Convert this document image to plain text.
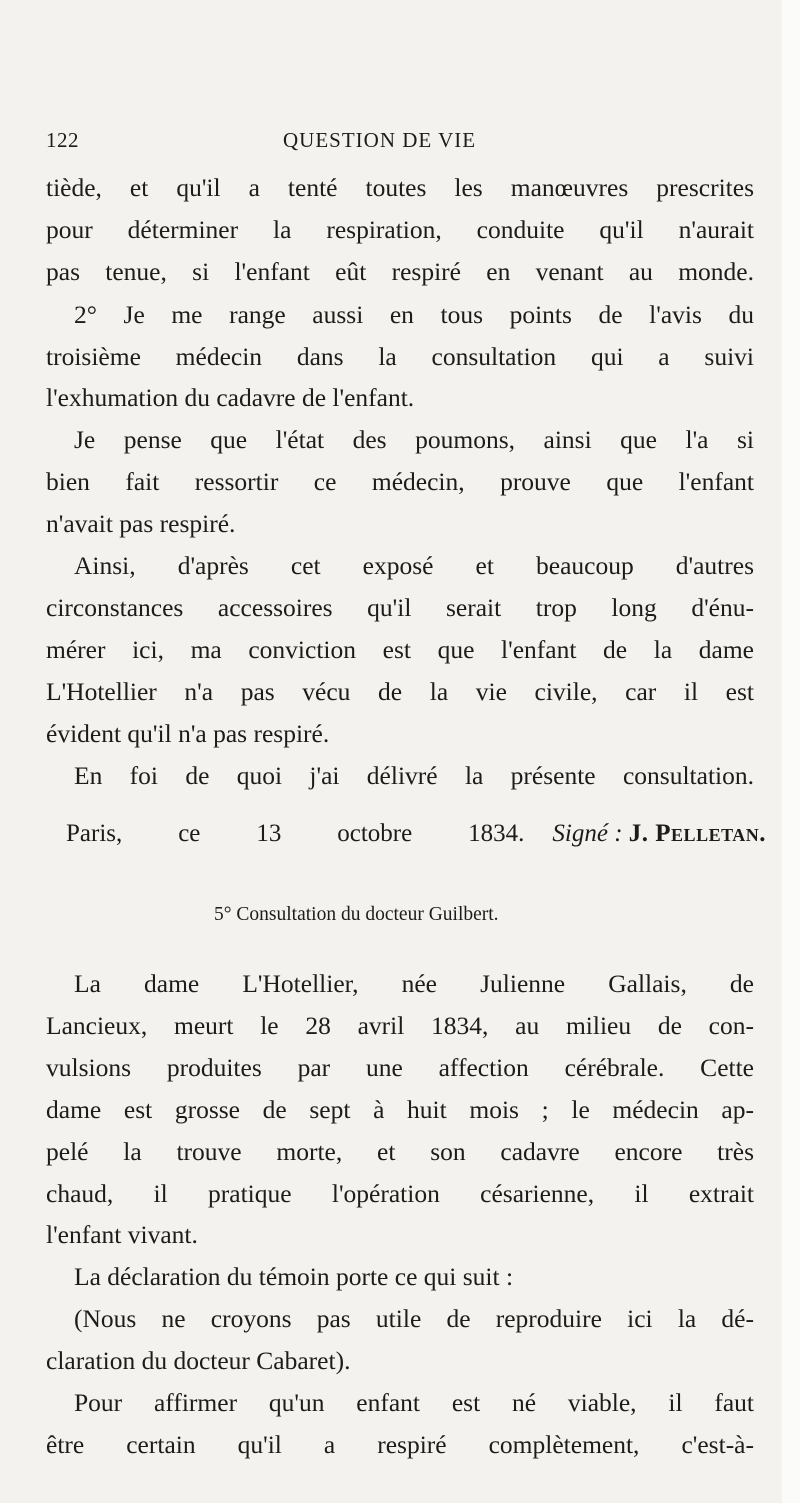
122	QUESTION DE VIE
tiède, et qu'il a tenté toutes les manœuvres prescrites
pour déterminer la respiration, conduite qu'il n'aurait
pas tenue, si l'enfant eût respiré en venant au monde.
2° Je me range aussi en tous points de l'avis du
troisième médecin dans la consultation qui a suivi
l'exhumation du cadavre de l'enfant.
Je pense que l'état des poumons, ainsi que l'a si
bien fait ressortir ce médecin, prouve que l'enfant
n'avait pas respiré.
Ainsi, d'après cet exposé et beaucoup d'autres
circonstances accessoires qu'il serait trop long d'énu-
mérer ici, ma conviction est que l'enfant de la dame
L'Hotellier n'a pas vécu de la vie civile, car il est
évident qu'il n'a pas respiré.
En foi de quoi j'ai délivré la présente consultation.
Paris, ce 13 octobre 1834. Signé : J. Pelletan.
5° Consultation du docteur Guilbert.
La dame L'Hotellier, née Julienne Gallais, de
Lancieux, meurt le 28 avril 1834, au milieu de con-
vulsions produites par une affection cérébrale. Cette
dame est grosse de sept à huit mois ; le médecin ap-
pelé la trouve morte, et son cadavre encore très
chaud, il pratique l'opération césarienne, il extrait
l'enfant vivant.
La déclaration du témoin porte ce qui suit :
(Nous ne croyons pas utile de reproduire ici la dé-
claration du docteur Cabaret).
Pour affirmer qu'un enfant est né viable, il faut
être certain qu'il a respiré complètement, c'est-à-
